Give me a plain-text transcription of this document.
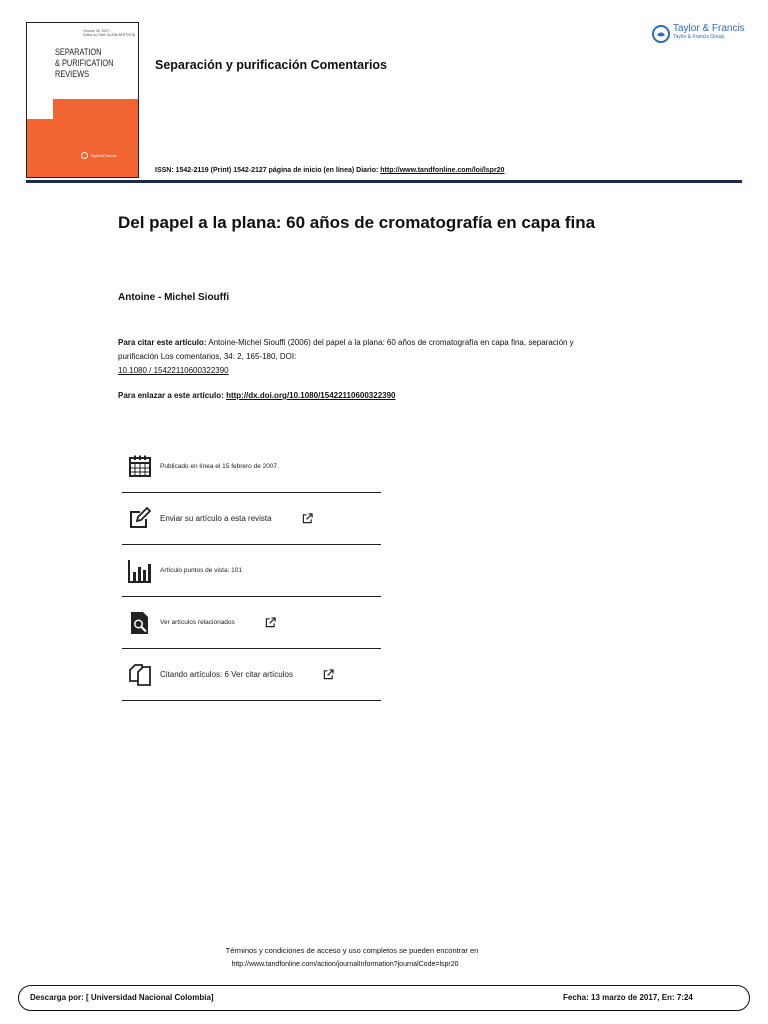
Volume 36, 2007
Editor-in-Chief: ALAIN BERTHOD
SEPARATION
& PURIFICATION
REVIEWS
Taylor&Francis
Separación y purificación Comentarios
Taylor & Francis
Taylor & Francis Group
ISSN: 1542-2119 (Print) 1542-2127 página de inicio (en línea) Diario: http://www.tandfonline.com/loi/lspr20
Del papel a la plana: 60 años de cromatografía en capa fina
Antoine - Michel Siouffi
Para citar este artículo: Antoine-Michel Siouffi (2006) del papel a la plana: 60 años de cromatografía en capa fina, separación y purificación Los comentarios, 34: 2, 165-180, DOI:
10.1080 / 15422110600322390
Para enlazar a este artículo: http://dx.doi.org/10.1080/15422110600322390
Publicado en línea el 15 febrero de 2007.
Enviar su artículo a esta revista
Artículo puntos de vista: 101
Ver artículos relacionados
Citando artículos: 6 Ver citar artículos
Términos y condiciones de acceso y uso completos se pueden encontrar en
http://www.tandfonline.com/action/journalInformation?journalCode=lspr20
Descarga por: [ Universidad Nacional Colombia]	Fecha: 13 marzo de 2017, En: 7:24
